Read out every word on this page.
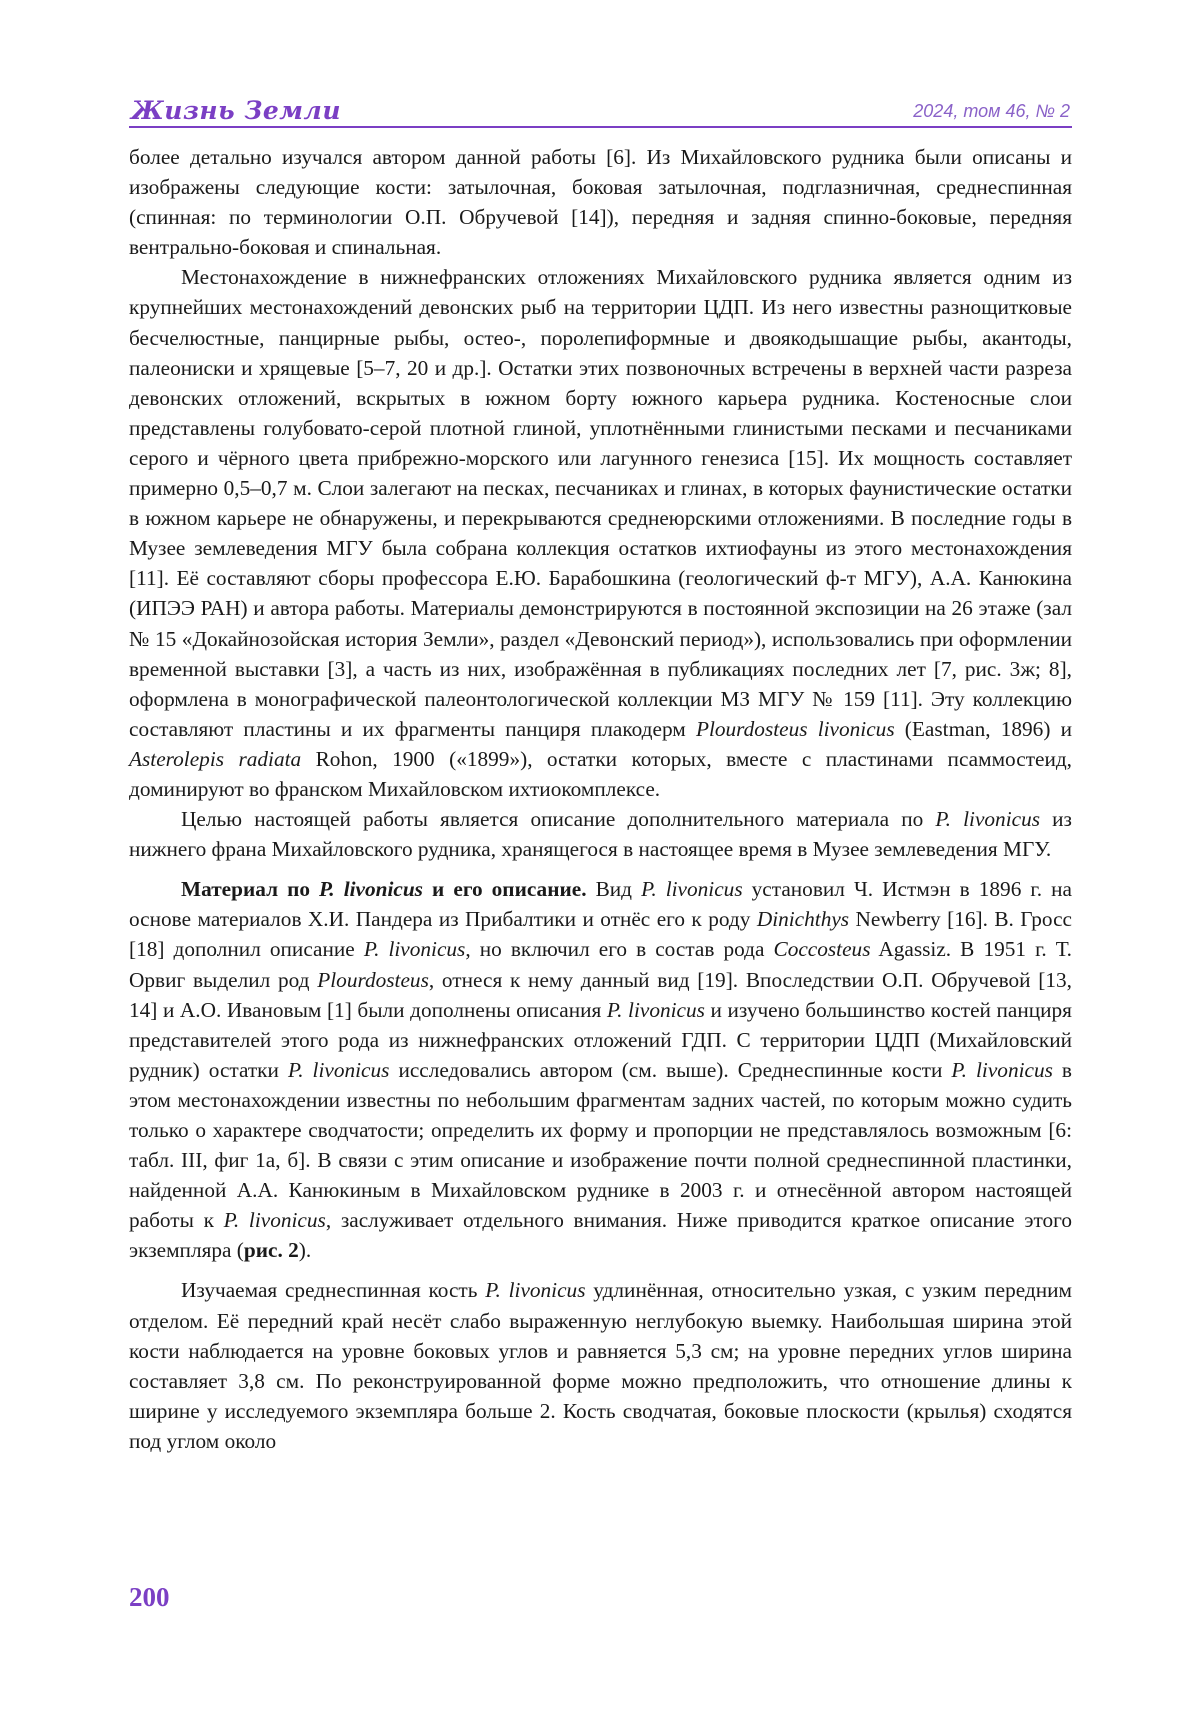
Жизнь Земли	2024, том 46, № 2

более детально изучался автором данной работы [6]. Из Михайловского рудника были описаны и изображены следующие кости: затылочная, боковая затылочная, подглазничная, среднеспинная (спинная: по терминологии О.П. Обручевой [14]), передняя и задняя спинно-боковые, передняя вентрально-боковая и спинальная.

Местонахождение в нижнефранских отложениях Михайловского рудника является одним из крупнейших местонахождений девонских рыб на территории ЦДП. Из него известны разнощитковые бесчелюстные, панцирные рыбы, остео-, поролепиформные и двоякодышащие рыбы, акантоды, палеониски и хрящевые [5–7, 20 и др.]. Остатки этих позвоночных встречены в верхней части разреза девонских отложений, вскрытых в южном борту южного карьера рудника. Костеносные слои представлены голубовато-серой плотной глиной, уплотнёнными глинистыми песками и песчаниками серого и чёрного цвета прибрежно-морского или лагунного генезиса [15]. Их мощность составляет примерно 0,5–0,7 м. Слои залегают на песках, песчаниках и глинах, в которых фаунистические остатки в южном карьере не обнаружены, и перекрываются среднеюрскими отложениями. В последние годы в Музее землеведения МГУ была собрана коллекция остатков ихтиофауны из этого местонахождения [11]. Её составляют сборы профессора Е.Ю. Барабошкина (геологический ф-т МГУ), А.А. Канюкина (ИПЭЭ РАН) и автора работы. Материалы демонстрируются в постоянной экспозиции на 26 этаже (зал № 15 «Докайнозойская история Земли», раздел «Девонский период»), использовались при оформлении временной выставки [3], а часть из них, изображённая в публикациях последних лет [7, рис. 3ж; 8], оформлена в монографической палеонтологической коллекции МЗ МГУ № 159 [11]. Эту коллекцию составляют пластины и их фрагменты панциря плакодерм Plourdosteus livonicus (Eastman, 1896) и Asterolepis radiata Rohon, 1900 («1899»), остатки которых, вместе с пластинами псаммостеид, доминируют во франском Михайловском ихтиокомплексе.

Целью настоящей работы является описание дополнительного материала по P. livonicus из нижнего франа Михайловского рудника, хранящегося в настоящее время в Музее землеведения МГУ.

Материал по P. livonicus и его описание. Вид P. livonicus установил Ч. Истмэн в 1896 г. на основе материалов Х.И. Пандера из Прибалтики и отнёс его к роду Dinichthys Newberry [16]. В. Гросс [18] дополнил описание P. livonicus, но включил его в состав рода Coccosteus Agassiz. В 1951 г. Т. Орвиг выделил род Plourdosteus, отнеся к нему данный вид [19]. Впоследствии О.П. Обручевой [13, 14] и А.О. Ивановым [1] были дополнены описания P. livonicus и изучено большинство костей панциря представителей этого рода из нижнефранских отложений ГДП. С территории ЦДП (Михайловский рудник) остатки P. livonicus исследовались автором (см. выше). Среднеспинные кости P. livonicus в этом местонахождении известны по небольшим фрагментам задних частей, по которым можно судить только о характере сводчатости; определить их форму и пропорции не представлялось возможным [6: табл. III, фиг 1а, б]. В связи с этим описание и изображение почти полной среднеспинной пластинки, найденной А.А. Канюкиным в Михайловском руднике в 2003 г. и отнесённой автором настоящей работы к P. livonicus, заслуживает отдельного внимания. Ниже приводится краткое описание этого экземпляра (рис. 2).

Изучаемая среднеспинная кость P. livonicus удлинённая, относительно узкая, с узким передним отделом. Её передний край несёт слабо выраженную неглубокую выемку. Наибольшая ширина этой кости наблюдается на уровне боковых углов и равняется 5,3 см; на уровне передних углов ширина составляет 3,8 см. По реконструированной форме можно предположить, что отношение длины к ширине у исследуемого экземпляра больше 2. Кость сводчатая, боковые плоскости (крылья) сходятся под углом около

200
